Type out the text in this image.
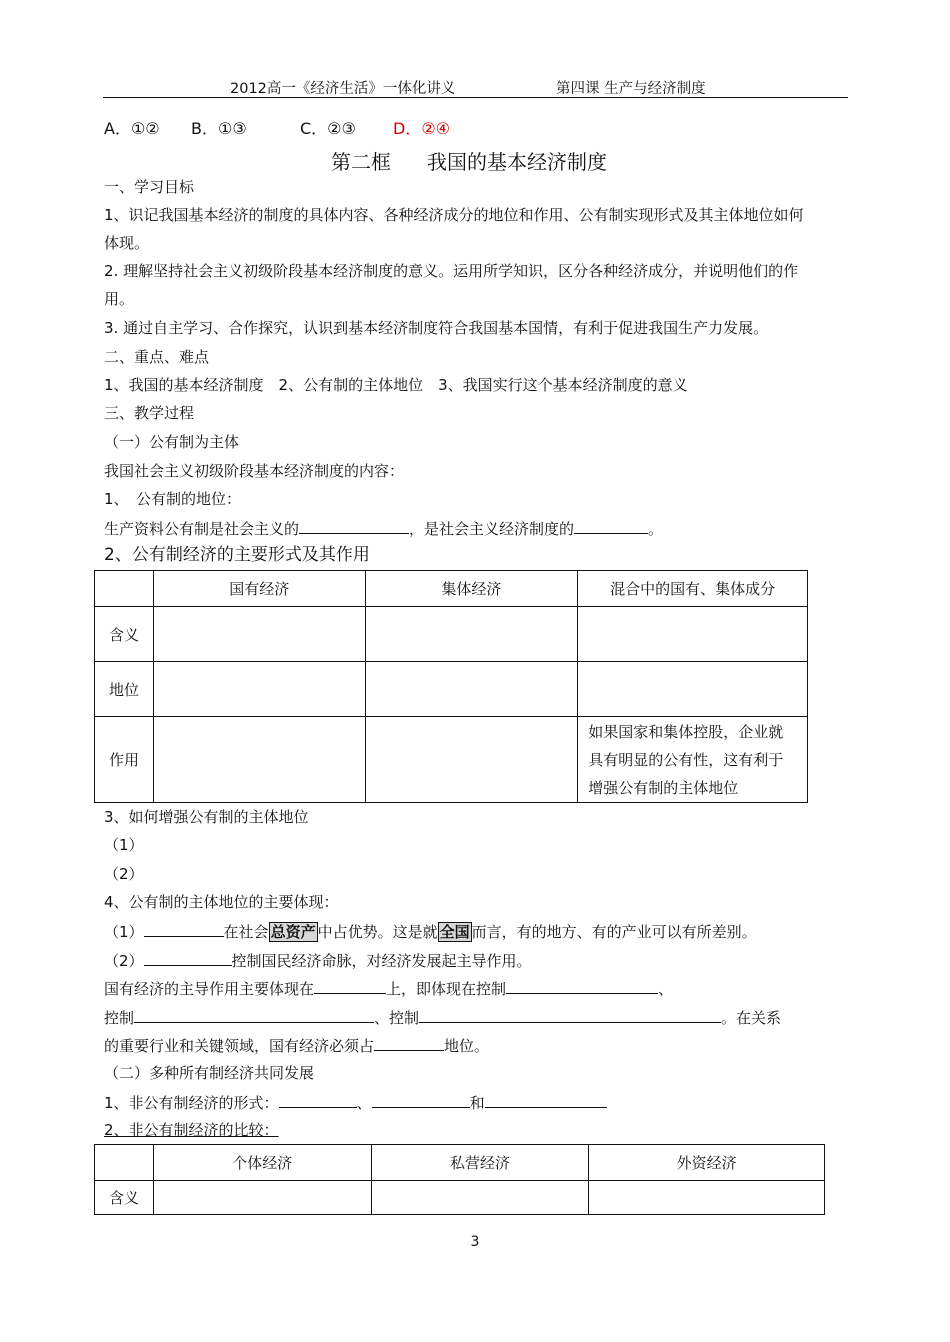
2012高一《经济生活》一体化讲义	第四课 生产与经济制度
A．①② B．①③	C．②③ D．②④
第二框 我国的基本经济制度
一、学习目标
1、识记我国基本经济的制度的具体内容、各种经济成分的地位和作用、公有制实现形式及其主体地位如何
体现。
2. 理解坚持社会主义初级阶段基本经济制度的意义。运用所学知识，区分各种经济成分，并说明他们的作
用。
3. 通过自主学习、合作探究，认识到基本经济制度符合我国基本国情，有利于促进我国生产力发展。
二、重点、难点
1、我国的基本经济制度　2、公有制的主体地位　3、我国实行这个基本经济制度的意义
三、教学过程
（一）公有制为主体
我国社会主义初级阶段基本经济制度的内容：
1、　公有制的地位：
生产资料公有制是社会主义的	，是社会主义经济制度的	。
2、公有制经济的主要形式及其作用
	国有经济	集体经济	混合中的国有、集体成分
含义			
地位			
作用			如果国家和集体控股，企业就
具有明显的公有性，这有利于
增强公有制的主体地位
3、如何增强公有制的主体地位
（1）
（2）
4、公有制的主体地位的主要体现：
（1）	在社会 总资产 中占优势。这是就 全国 而言，有的地方、有的产业可以有所差别。
（2）	控制国民经济命脉，对经济发展起主导作用。
国有经济的主导作用主要体现在	上，即体现在控制	、
控制	、控制	。在关系
的重要行业和关键领域，国有经济必须占	地位。
（二）多种所有制经济共同发展
1、非公有制经济的形式：	、	和
2、非公有制经济的比较：
	个体经济	私营经济	外资经济
含义			
3
